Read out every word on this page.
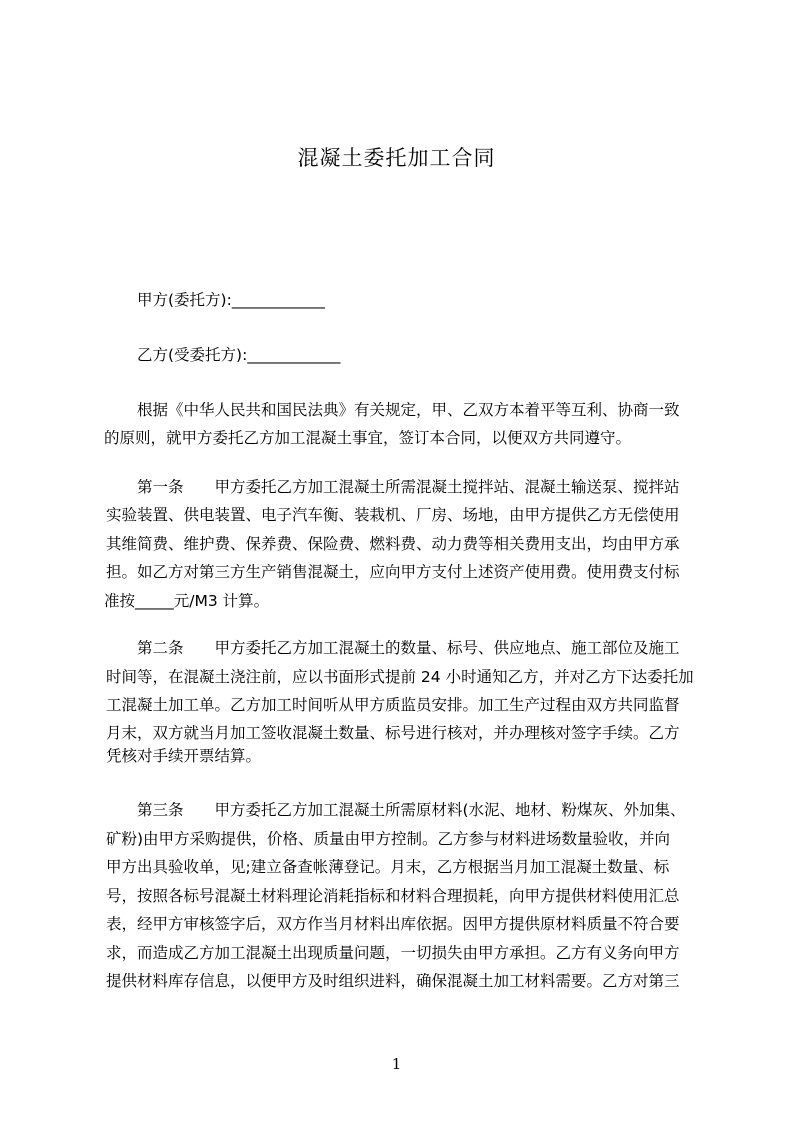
混凝土委托加工合同
甲方(委托方):____________
乙方(受委托方):____________
根据《中华人民共和国民法典》有关规定，甲、乙双方本着平等互利、协商一致
的原则，就甲方委托乙方加工混凝土事宜，签订本合同，以便双方共同遵守。
第一条　　甲方委托乙方加工混凝土所需混凝土搅拌站、混凝土输送泵、搅拌站
实验装置、供电装置、电子汽车衡、装栽机、厂房、场地，由甲方提供乙方无偿使用
其维简费、维护费、保养费、保险费、燃料费、动力费等相关费用支出，均由甲方承
担。如乙方对第三方生产销售混凝土，应向甲方支付上述资产使用费。使用费支付标
准按_____元/M3 计算。
第二条　　甲方委托乙方加工混凝土的数量、标号、供应地点、施工部位及施工
时间等，在混凝土浇注前，应以书面形式提前 24 小时通知乙方，并对乙方下达委托加
工混凝土加工单。乙方加工时间听从甲方质监员安排。加工生产过程由双方共同监督
月末，双方就当月加工签收混凝土数量、标号进行核对，并办理核对签字手续。乙方
凭核对手续开票结算。
第三条　　甲方委托乙方加工混凝土所需原材料(水泥、地材、粉煤灰、外加集、
矿粉)由甲方采购提供，价格、质量由甲方控制。乙方参与材料进场数量验收，并向
甲方出具验收单，见;建立备查帐薄登记。月末，乙方根据当月加工混凝土数量、标
号，按照各标号混凝土材料理论消耗指标和材料合理损耗，向甲方提供材料使用汇总
表，经甲方审核签字后，双方作当月材料出库依据。因甲方提供原材料质量不符合要
求，而造成乙方加工混凝土出现质量问题，一切损失由甲方承担。乙方有义务向甲方
提供材料库存信息，以便甲方及时组织进料，确保混凝土加工材料需要。乙方对第三
1
